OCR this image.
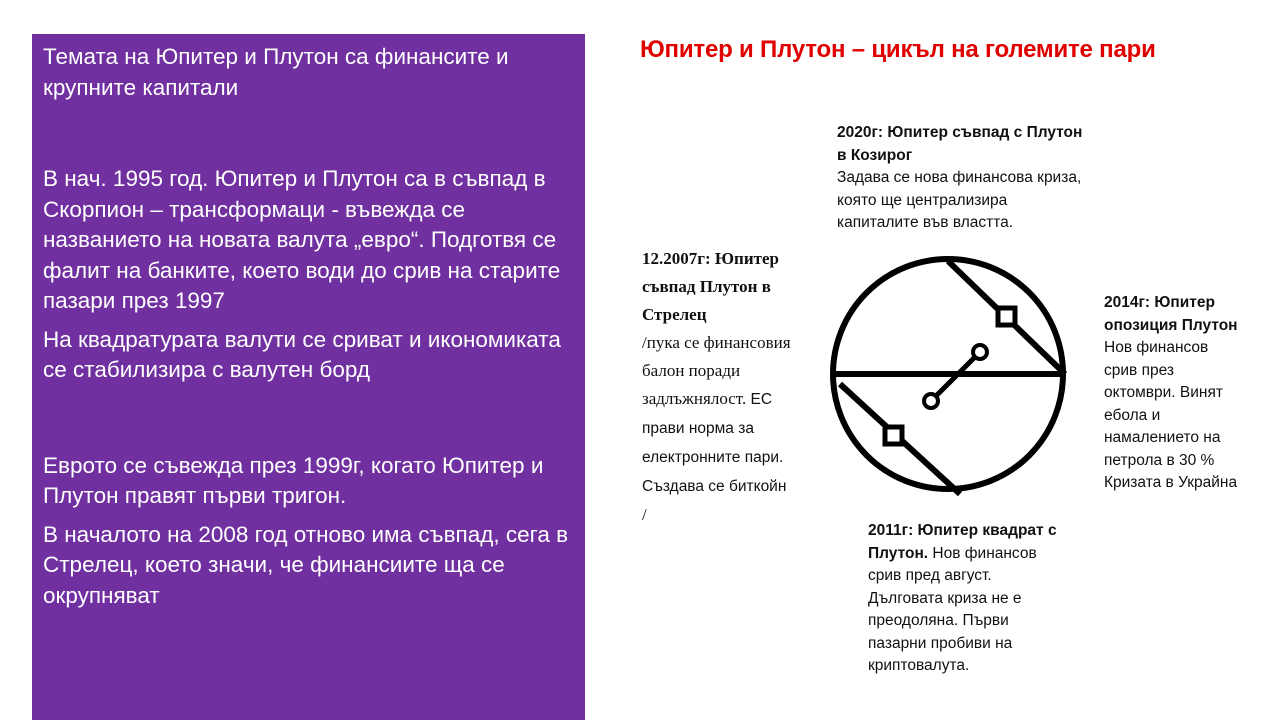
Темата на Юпитер и Плутон са финансите и крупните капитали

В нач. 1995 год. Юпитер и Плутон са в съвпад в Скорпион – трансформаци - въвежда се названието на новата валута „евро“. Подготвя се фалит на банките, което води до срив на старите пазари през 1997

На квадратурата валути се сриват и икономиката се стабилизира с валутен борд

Еврото се съвежда през 1999г, когато Юпитер и Плутон правят първи тригон.

В началото на 2008 год отново има съвпад, сега в Стрелец, което значи, че финансиите ща се окрупняват

Юпитер и Плутон – цикъл на големите пари
2020г: Юпитер съвпад с Плутон в Козирог
Задава се нова финансова криза, която ще централизира капиталите във властта.
2014г: Юпитер опозиция Плутон
Нов финансов срив през октомври. Винят ебола и намалението на петрола в 30 % Кризата в Украйна
2011г: Юпитер квадрат с Плутон. Нов финансов срив пред август. Дълговата криза не е преодоляна. Първи пазарни пробиви на криптовалута.
12.2007г: Юпитер съвпад Плутон в Стрелец
/пука се финансовия балон поради задлъжнялост. ЕС прави норма за електронните пари. Създава се биткойн
/
